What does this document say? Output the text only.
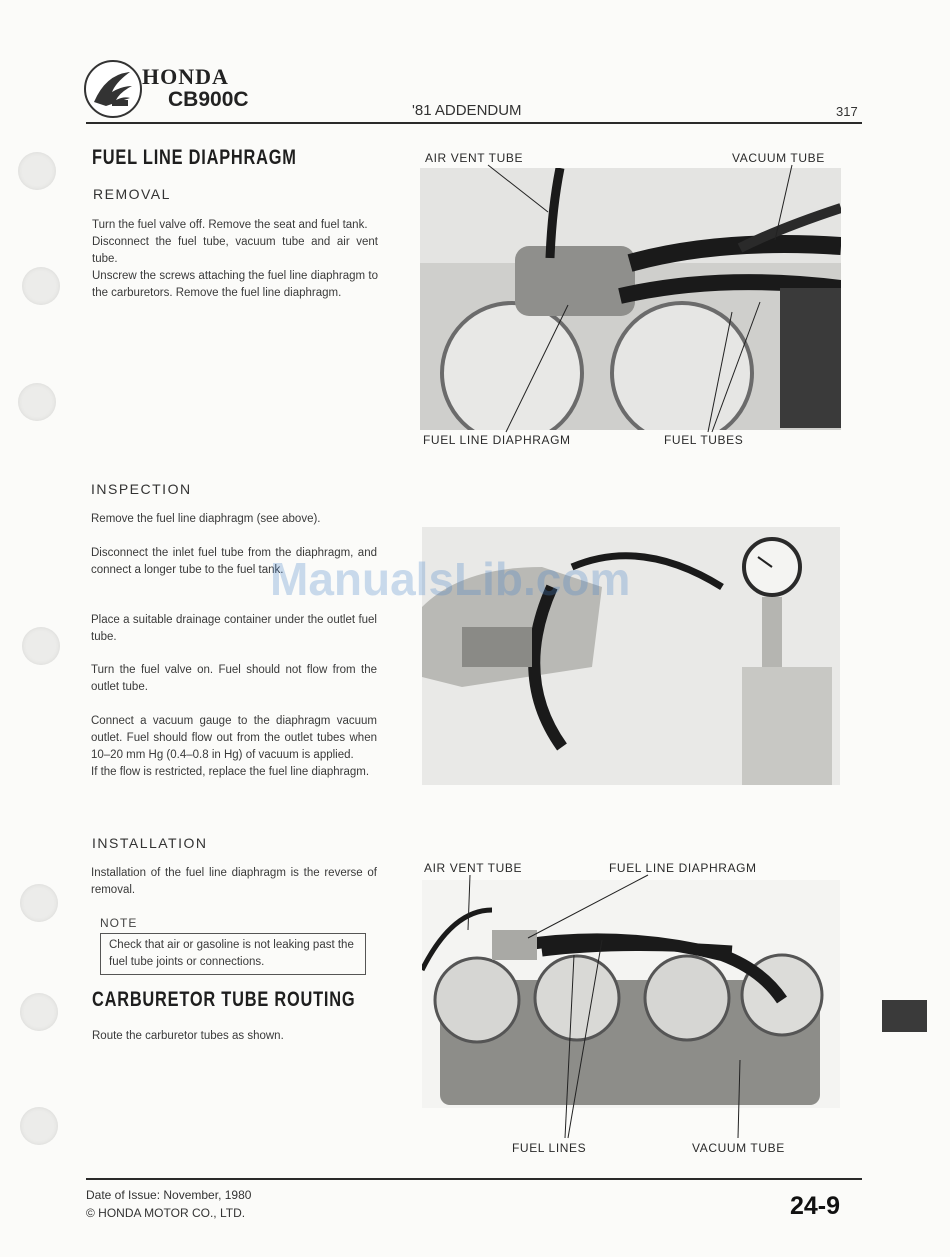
HONDA
CB900C	'81 ADDENDUM	317
FUEL LINE DIAPHRAGM
REMOVAL
Turn the fuel valve off. Remove the seat and fuel tank.
Disconnect the fuel tube, vacuum tube and air vent tube.
Unscrew the screws attaching the fuel line diaphragm to the carburetors. Remove the fuel line diaphragm.
INSPECTION
Remove the fuel line diaphragm (see above).
Disconnect the inlet fuel tube from the diaphragm, and connect a longer tube to the fuel tank.
Place a suitable drainage container under the outlet fuel tube.
Turn the fuel valve on. Fuel should not flow from the outlet tube.
Connect a vacuum gauge to the diaphragm vacuum outlet. Fuel should flow out from the outlet tubes when 10–20 mm Hg (0.4–0.8 in Hg) of vacuum is applied.
If the flow is restricted, replace the fuel line diaphragm.
INSTALLATION
Installation of the fuel line diaphragm is the reverse of removal.
NOTE
Check that air or gasoline is not leaking past the fuel tube joints or connections.
CARBURETOR TUBE ROUTING
Route the carburetor tubes as shown.
AIR VENT TUBE	VACUUM TUBE
FUEL LINE DIAPHRAGM	FUEL TUBES
AIR VENT TUBE	FUEL LINE DIAPHRAGM
FUEL LINES	VACUUM TUBE
ManualsLib.com
Date of Issue: November, 1980
© HONDA MOTOR CO., LTD.	24-9
